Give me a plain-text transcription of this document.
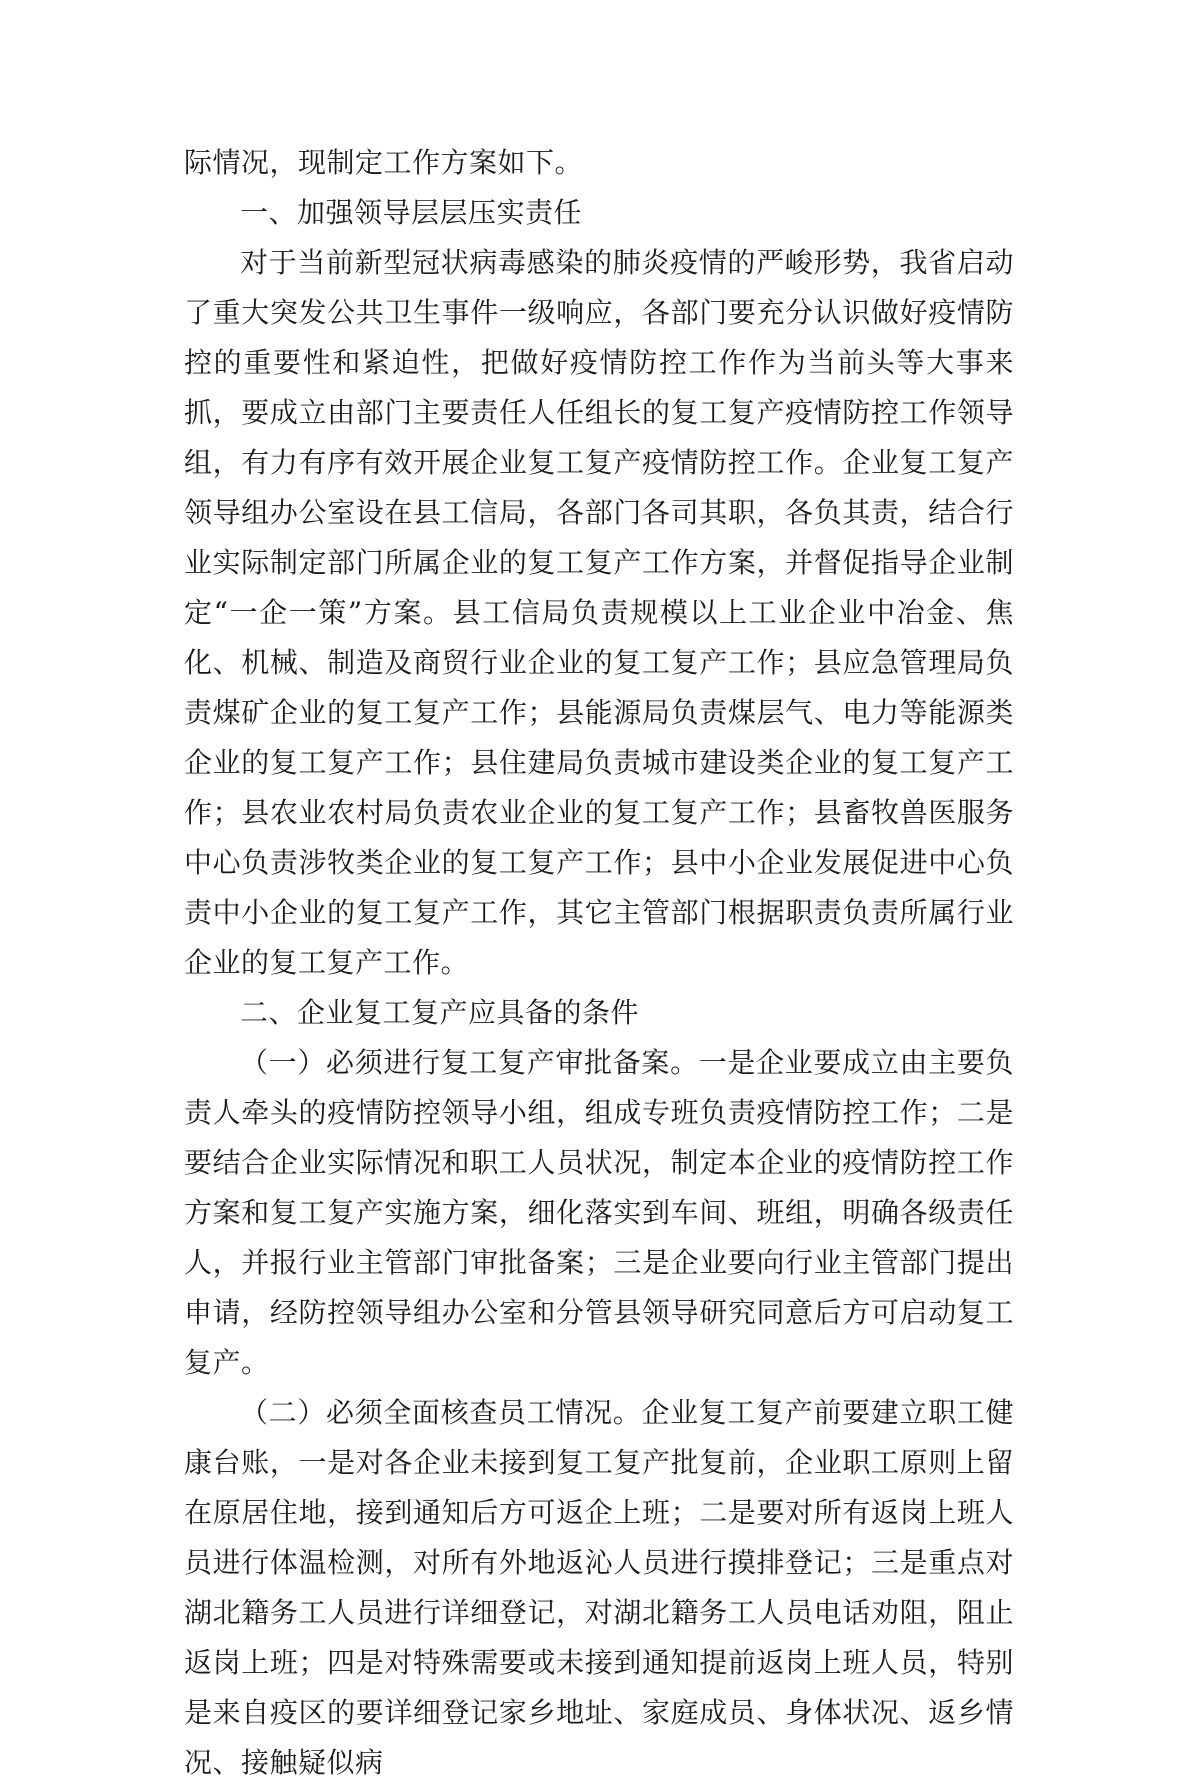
际情况，现制定工作方案如下。

一、加强领导层层压实责任

对于当前新型冠状病毒感染的肺炎疫情的严峻形势，我省启动了重大突发公共卫生事件一级响应，各部门要充分认识做好疫情防控的重要性和紧迫性，把做好疫情防控工作作为当前头等大事来抓，要成立由部门主要责任人任组长的复工复产疫情防控工作领导组，有力有序有效开展企业复工复产疫情防控工作。企业复工复产领导组办公室设在县工信局，各部门各司其职，各负其责，结合行业实际制定部门所属企业的复工复产工作方案，并督促指导企业制定“一企一策”方案。县工信局负责规模以上工业企业中冶金、焦化、机械、制造及商贸行业企业的复工复产工作；县应急管理局负责煤矿企业的复工复产工作；县能源局负责煤层气、电力等能源类企业的复工复产工作；县住建局负责城市建设类企业的复工复产工作；县农业农村局负责农业企业的复工复产工作；县畜牧兽医服务中心负责涉牧类企业的复工复产工作；县中小企业发展促进中心负责中小企业的复工复产工作，其它主管部门根据职责负责所属行业企业的复工复产工作。

二、企业复工复产应具备的条件

（一）必须进行复工复产审批备案。一是企业要成立由主要负责人牵头的疫情防控领导小组，组成专班负责疫情防控工作；二是要结合企业实际情况和职工人员状况，制定本企业的疫情防控工作方案和复工复产实施方案，细化落实到车间、班组，明确各级责任人，并报行业主管部门审批备案；三是企业要向行业主管部门提出申请，经防控领导组办公室和分管县领导研究同意后方可启动复工复产。

（二）必须全面核查员工情况。企业复工复产前要建立职工健康台账，一是对各企业未接到复工复产批复前，企业职工原则上留在原居住地，接到通知后方可返企上班；二是要对所有返岗上班人员进行体温检测，对所有外地返沁人员进行摸排登记；三是重点对湖北籍务工人员进行详细登记，对湖北籍务工人员电话劝阻，阻止返岗上班；四是对特殊需要或未接到通知提前返岗上班人员，特别是来自疫区的要详细登记家乡地址、家庭成员、身体状况、返乡情况、接触疑似病
